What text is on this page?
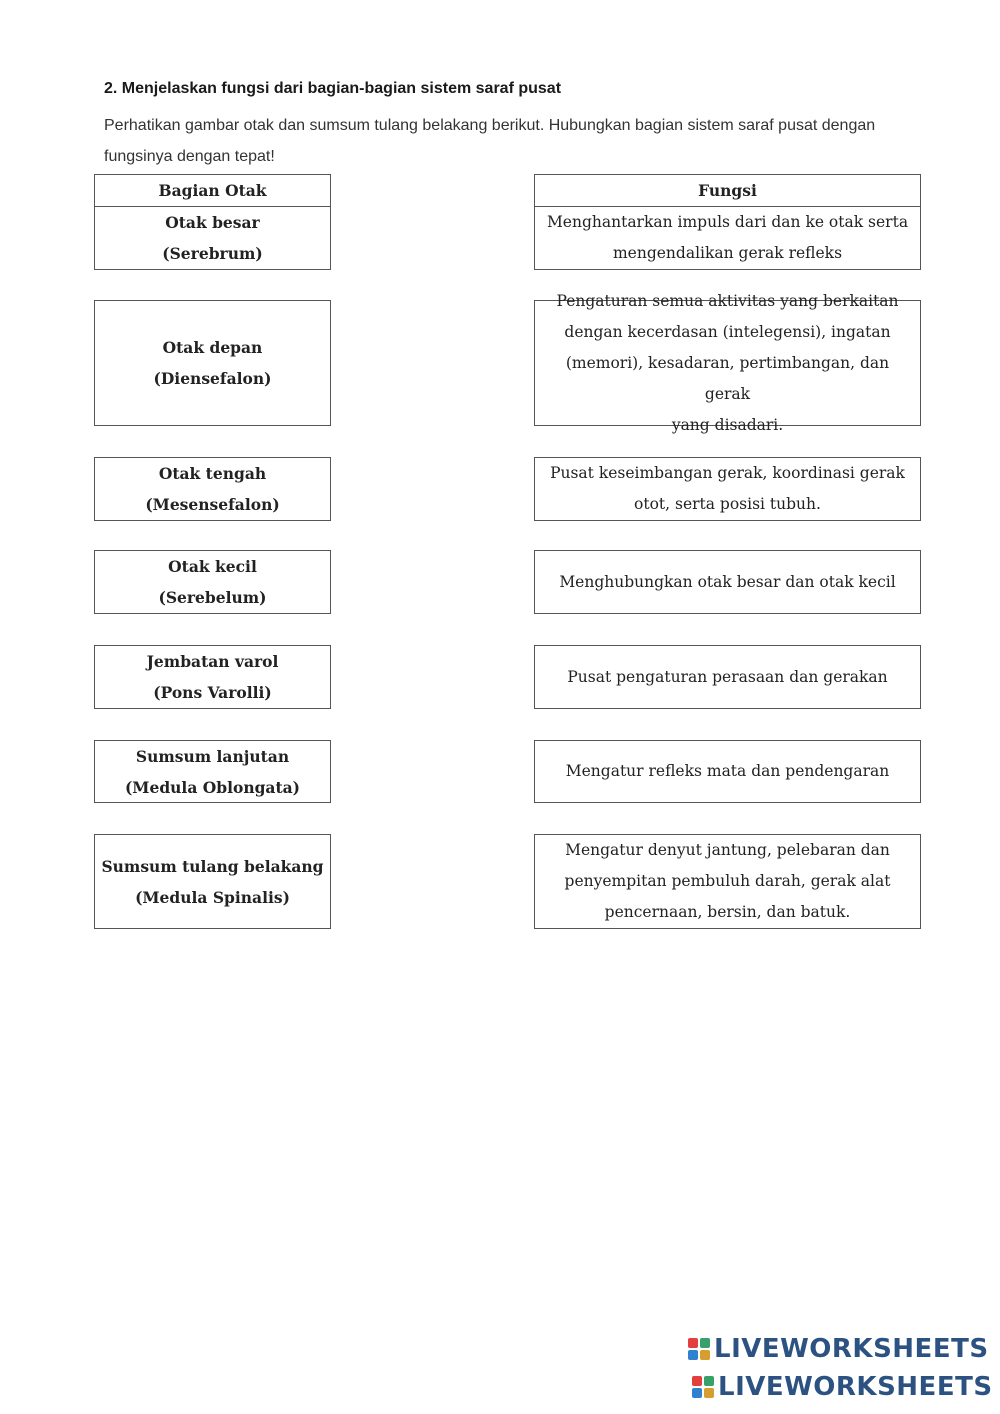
2. Menjelaskan fungsi dari bagian-bagian sistem saraf pusat
Perhatikan gambar otak dan sumsum tulang belakang berikut. Hubungkan bagian sistem saraf pusat dengan
fungsinya dengan tepat!
Bagian Otak	Fungsi
Otak besar
(Serebrum)
Otak depan
(Diensefalon)
Otak tengah
(Mesensefalon)
Otak kecil
(Serebelum)
Jembatan varol
(Pons Varolli)
Sumsum lanjutan
(Medula Oblongata)
Sumsum tulang belakang
(Medula Spinalis)
Menghantarkan impuls dari dan ke otak serta
mengendalikan gerak refleks
Pengaturan semua aktivitas yang berkaitan
dengan kecerdasan (intelegensi), ingatan
(memori), kesadaran, pertimbangan, dan gerak
yang disadari.
Pusat keseimbangan gerak, koordinasi gerak
otot, serta posisi tubuh.
Menghubungkan otak besar dan otak kecil
Pusat pengaturan perasaan dan gerakan
Mengatur refleks mata dan pendengaran
Mengatur denyut jantung, pelebaran dan
penyempitan pembuluh darah, gerak alat
pencernaan, bersin, dan batuk.
LIVEWORKSHEETS
LIVEWORKSHEETS
